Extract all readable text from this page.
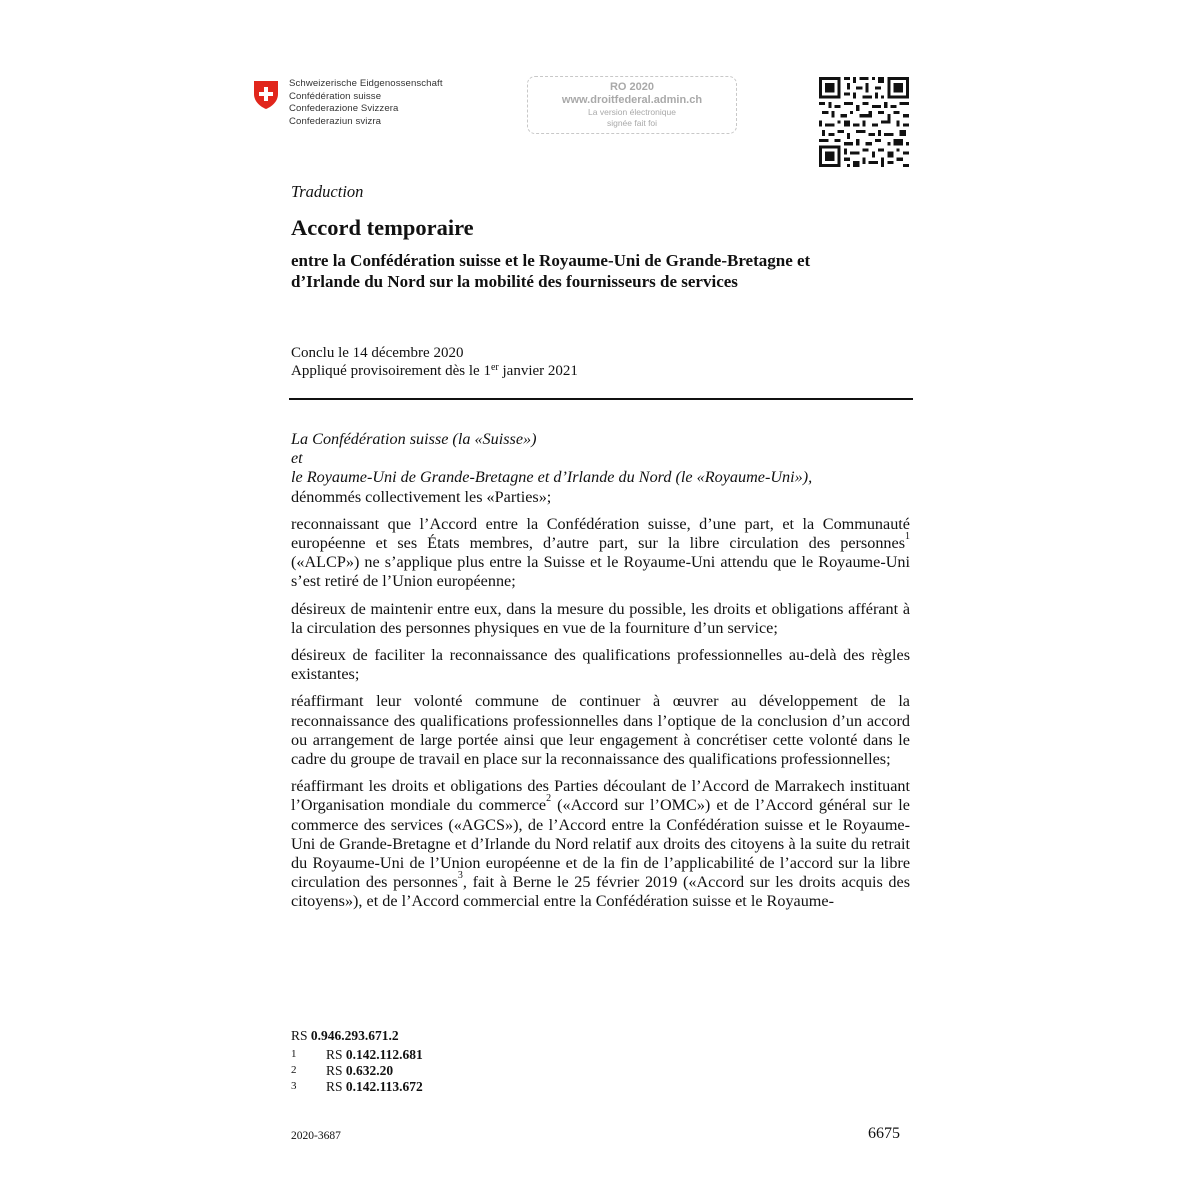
Schweizerische Eidgenossenschaft
Confédération suisse
Confederazione Svizzera
Confederaziun svizra
RO 2020
www.droitfederal.admin.ch
La version électronique
signée fait foi
Traduction
Accord temporaire
entre la Confédération suisse et le Royaume-Uni de Grande-Bretagne et d’Irlande du Nord sur la mobilité des fournisseurs de services
Conclu le 14 décembre 2020
Appliqué provisoirement dès le 1er janvier 2021
La Confédération suisse (la «Suisse»)
et
le Royaume-Uni de Grande-Bretagne et d’Irlande du Nord (le «Royaume-Uni»),
dénommés collectivement les «Parties»;

reconnaissant que l’Accord entre la Confédération suisse, d’une part, et la Communauté européenne et ses États membres, d’autre part, sur la libre circulation des personnes$^1$ («ALCP») ne s’applique plus entre la Suisse et le Royaume-Uni attendu que le Royaume-Uni s’est retiré de l’Union européenne;

désireux de maintenir entre eux, dans la mesure du possible, les droits et obligations afférant à la circulation des personnes physiques en vue de la fourniture d’un service;

désireux de faciliter la reconnaissance des qualifications professionnelles au-delà des règles existantes;

réaffirmant leur volonté commune de continuer à œuvrer au développement de la reconnaissance des qualifications professionnelles dans l’optique de la conclusion d’un accord ou arrangement de large portée ainsi que leur engagement à concrétiser cette volonté dans le cadre du groupe de travail en place sur la reconnaissance des qualifications professionnelles;

réaffirmant les droits et obligations des Parties découlant de l’Accord de Marrakech instituant l’Organisation mondiale du commerce$^2$ («Accord sur l’OMC») et de l’Accord général sur le commerce des services («AGCS»), de l’Accord entre la Confédération suisse et le Royaume-Uni de Grande-Bretagne et d’Irlande du Nord relatif aux droits des citoyens à la suite du retrait du Royaume-Uni de l’Union européenne et de la fin de l’applicabilité de l’accord sur la libre circulation des personnes$^3$, fait à Berne le 25 février 2019 («Accord sur les droits acquis des citoyens»), et de l’Accord commercial entre la Confédération suisse et le Royaume-

RS 0.946.293.671.2
1 RS 0.142.112.681
2 RS 0.632.20
3 RS 0.142.113.672
2020-3687	6675
